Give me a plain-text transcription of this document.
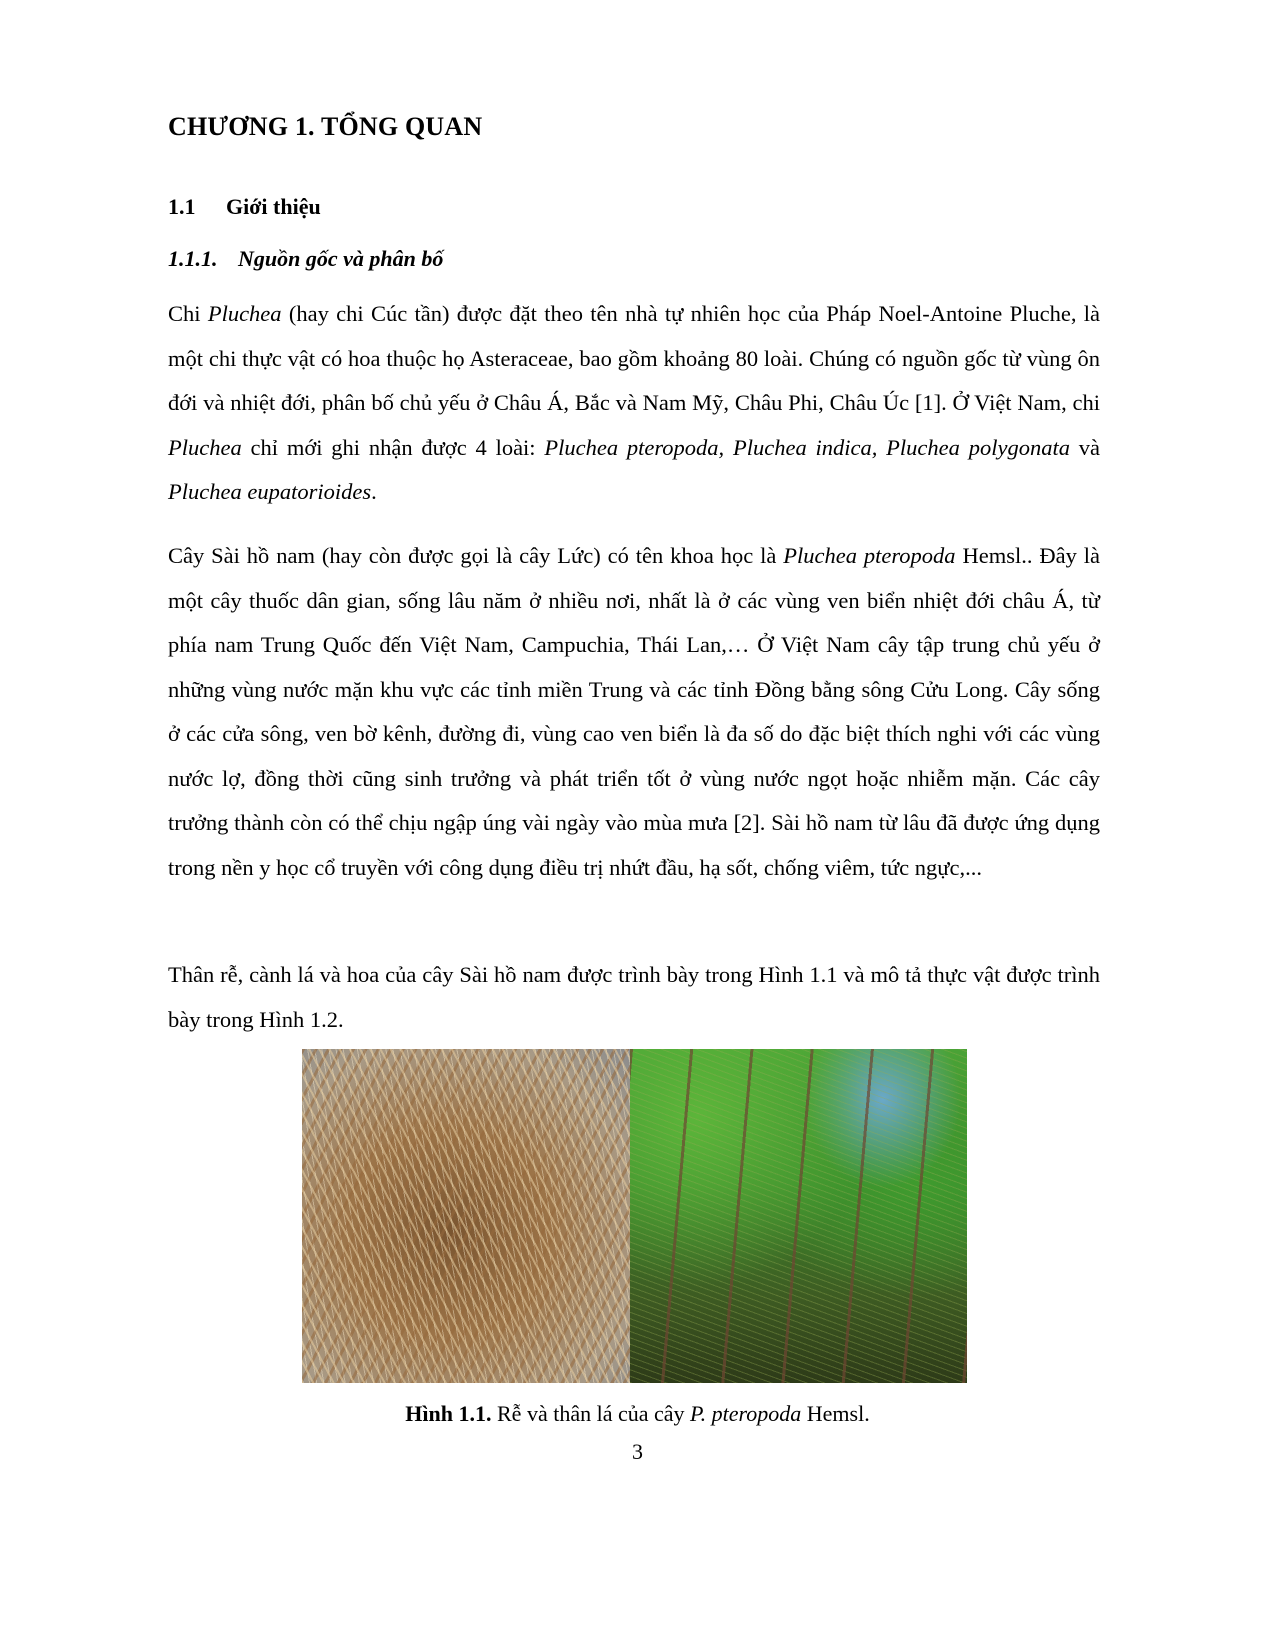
CHƯƠNG 1. TỔNG QUAN
1.1 Giới thiệu
1.1.1. Nguồn gốc và phân bố

Chi Pluchea (hay chi Cúc tần) được đặt theo tên nhà tự nhiên học của Pháp Noel-Antoine Pluche, là một chi thực vật có hoa thuộc họ Asteraceae, bao gồm khoảng 80 loài. Chúng có nguồn gốc từ vùng ôn đới và nhiệt đới, phân bố chủ yếu ở Châu Á, Bắc và Nam Mỹ, Châu Phi, Châu Úc [1]. Ở Việt Nam, chi Pluchea chỉ mới ghi nhận được 4 loài: Pluchea pteropoda, Pluchea indica, Pluchea polygonata và Pluchea eupatorioides.

Cây Sài hồ nam (hay còn được gọi là cây Lức) có tên khoa học là Pluchea pteropoda Hemsl.. Đây là một cây thuốc dân gian, sống lâu năm ở nhiều nơi, nhất là ở các vùng ven biển nhiệt đới châu Á, từ phía nam Trung Quốc đến Việt Nam, Campuchia, Thái Lan,… Ở Việt Nam cây tập trung chủ yếu ở những vùng nước mặn khu vực các tỉnh miền Trung và các tỉnh Đồng bằng sông Cửu Long. Cây sống ở các cửa sông, ven bờ kênh, đường đi, vùng cao ven biển là đa số do đặc biệt thích nghi với các vùng nước lợ, đồng thời cũng sinh trưởng và phát triển tốt ở vùng nước ngọt hoặc nhiễm mặn. Các cây trưởng thành còn có thể chịu ngập úng vài ngày vào mùa mưa [2]. Sài hồ nam từ lâu đã được ứng dụng trong nền y học cổ truyền với công dụng điều trị nhứt đầu, hạ sốt, chống viêm, tức ngực,...

Thân rễ, cành lá và hoa của cây Sài hồ nam được trình bày trong Hình 1.1 và mô tả thực vật được trình bày trong Hình 1.2.

Hình 1.1. Rễ và thân lá của cây P. pteropoda Hemsl.
3
